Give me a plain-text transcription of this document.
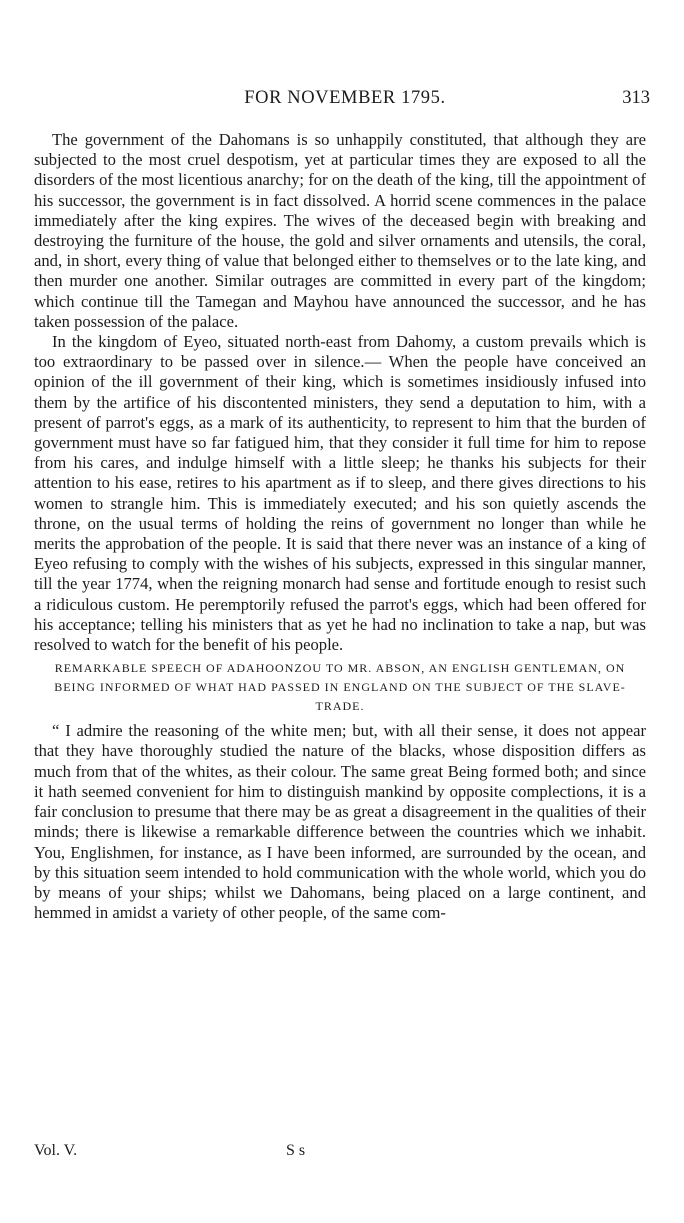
FOR NOVEMBER 1795.	313

The government of the Dahomans is so unhappily constituted, that although they are subjected to the most cruel despotism, yet at particular times they are exposed to all the disorders of the most licentious anarchy; for on the death of the king, till the appointment of his successor, the government is in fact dissolved. A horrid scene commences in the palace immediately after the king expires. The wives of the deceased begin with breaking and destroying the furniture of the house, the gold and silver ornaments and utensils, the coral, and, in short, every thing of value that belonged either to themselves or to the late king, and then murder one another. Similar outrages are committed in every part of the kingdom; which continue till the Tamegan and Mayhou have announced the successor, and he has taken possession of the palace.

In the kingdom of Eyeo, situated north-east from Dahomy, a custom prevails which is too extraordinary to be passed over in silence.— When the people have conceived an opinion of the ill government of their king, which is sometimes insidiously infused into them by the artifice of his discontented ministers, they send a deputation to him, with a present of parrot's eggs, as a mark of its authenticity, to represent to him that the burden of government must have so far fatigued him, that they consider it full time for him to repose from his cares, and indulge himself with a little sleep; he thanks his subjects for their attention to his ease, retires to his apartment as if to sleep, and there gives directions to his women to strangle him. This is immediately executed; and his son quietly ascends the throne, on the usual terms of holding the reins of government no longer than while he merits the approbation of the people. It is said that there never was an instance of a king of Eyeo refusing to comply with the wishes of his subjects, expressed in this singular manner, till the year 1774, when the reigning monarch had sense and fortitude enough to resist such a ridiculous custom. He peremptorily refused the parrot's eggs, which had been offered for his acceptance; telling his ministers that as yet he had no inclination to take a nap, but was resolved to watch for the benefit of his people.

REMARKABLE SPEECH OF ADAHOONZOU TO MR. ABSON, AN ENGLISH GENTLEMAN, ON BEING INFORMED OF WHAT HAD PASSED IN ENGLAND ON THE SUBJECT OF THE SLAVE-TRADE.

“ I admire the reasoning of the white men; but, with all their sense, it does not appear that they have thoroughly studied the nature of the blacks, whose disposition differs as much from that of the whites, as their colour. The same great Being formed both; and since it hath seemed convenient for him to distinguish mankind by opposite complections, it is a fair conclusion to presume that there may be as great a disagreement in the qualities of their minds; there is likewise a remarkable difference between the countries which we inhabit. You, Englishmen, for instance, as I have been informed, are surrounded by the ocean, and by this situation seem intended to hold communication with the whole world, which you do by means of your ships; whilst we Dahomans, being placed on a large continent, and hemmed in amidst a variety of other people, of the same com-

Vol. V.	S s
